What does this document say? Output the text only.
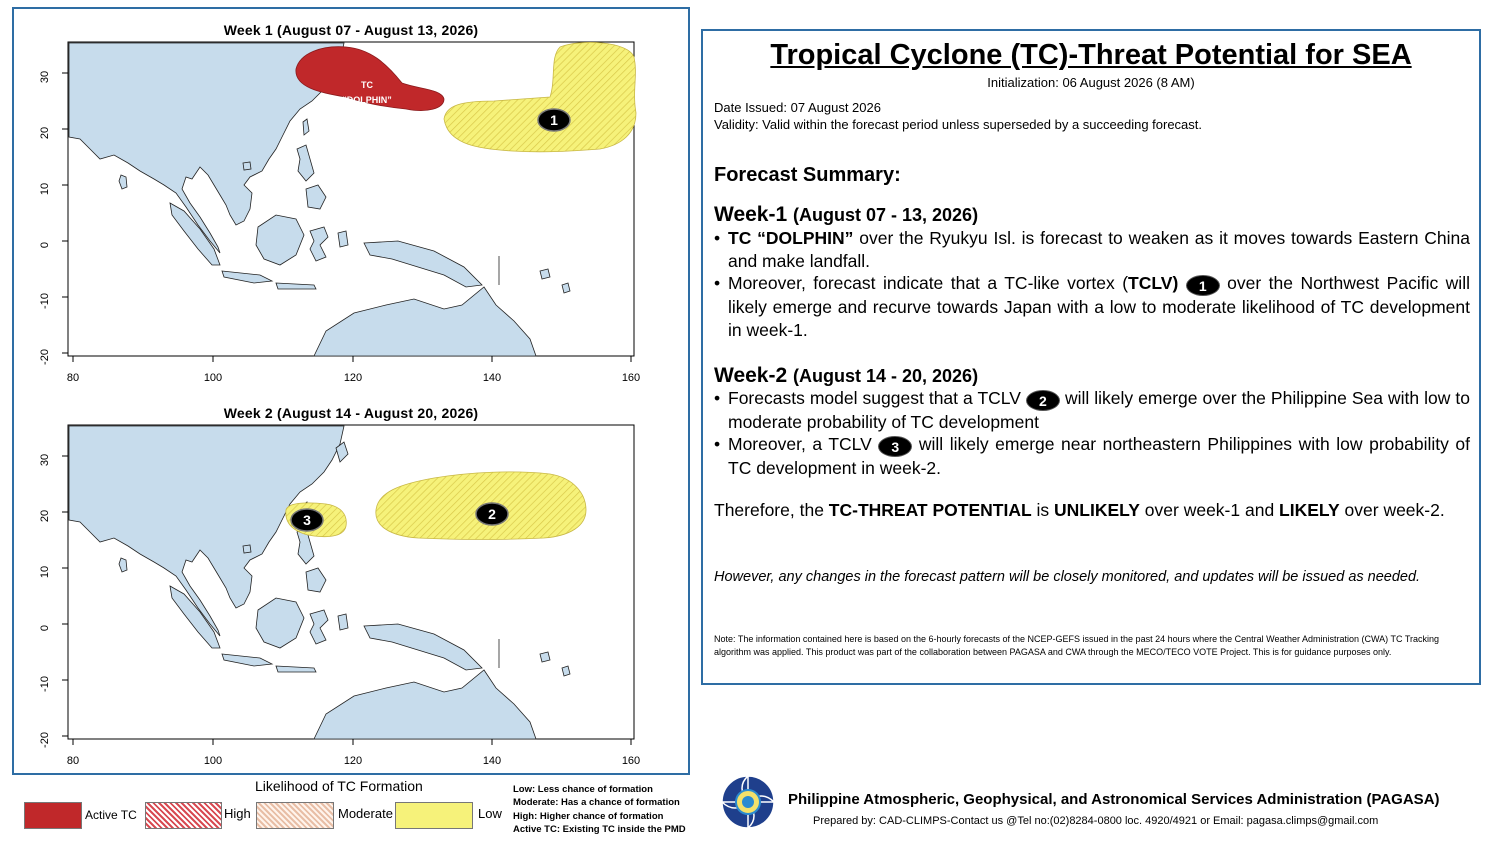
TC
“DOLPHIN”
1
30
20
10
0
-10
-20
80	100	120	140	160
Week 1 (August 07 - August 13, 2026)
2
3
30
20
10
0
-10
-20
80	100	120	140	160
Week 2 (August 14 - August 20, 2026)
Tropical Cyclone (TC)-Threat Potential for SEA
Initialization: 06 August 2026 (8 AM)
Date Issued: 07 August 2026
Validity: Valid within the forecast period unless superseded by a succeeding forecast.
Forecast Summary:
Week-1 (August 07 - 13, 2026)
• TC “DOLPHIN” over the Ryukyu Isl. is forecast to weaken as it moves towards Eastern China and make landfall.
• Moreover, forecast indicate that a TC-like vortex (TCLV) 1 over the Northwest Pacific will likely emerge and recurve towards Japan with a low to moderate likelihood of TC development in week-1.
Week-2 (August 14 - 20, 2026)
• Forecasts model suggest that a TCLV 2 will likely emerge over the Philippine Sea with low to moderate probability of TC development
• Moreover, a TCLV 3 will likely emerge near northeastern Philippines with low probability of TC development in week-2.
Therefore, the TC-THREAT POTENTIAL is UNLIKELY over week-1 and LIKELY over week-2.
However, any changes in the forecast pattern will be closely monitored, and updates will be issued as needed.
Note: The information contained here is based on the 6-hourly forecasts of the NCEP-GEFS issued in the past 24 hours where the Central Weather Administration (CWA) TC Tracking algorithm was applied. This product was part of the collaboration between PAGASA and CWA through the MECO/TECO VOTE Project. This is for guidance purposes only.
Likelihood of TC Formation
Active TC	High	Moderate	Low
Low: Less chance of formation
Moderate: Has a chance of formation
High: Higher chance of formation
Active TC: Existing TC inside the PMD
Philippine Atmospheric, Geophysical, and Astronomical Services Administration (PAGASA)
Prepared by: CAD-CLIMPS-Contact us @Tel no:(02)8284-0800 loc. 4920/4921 or Email: pagasa.climps@gmail.com
